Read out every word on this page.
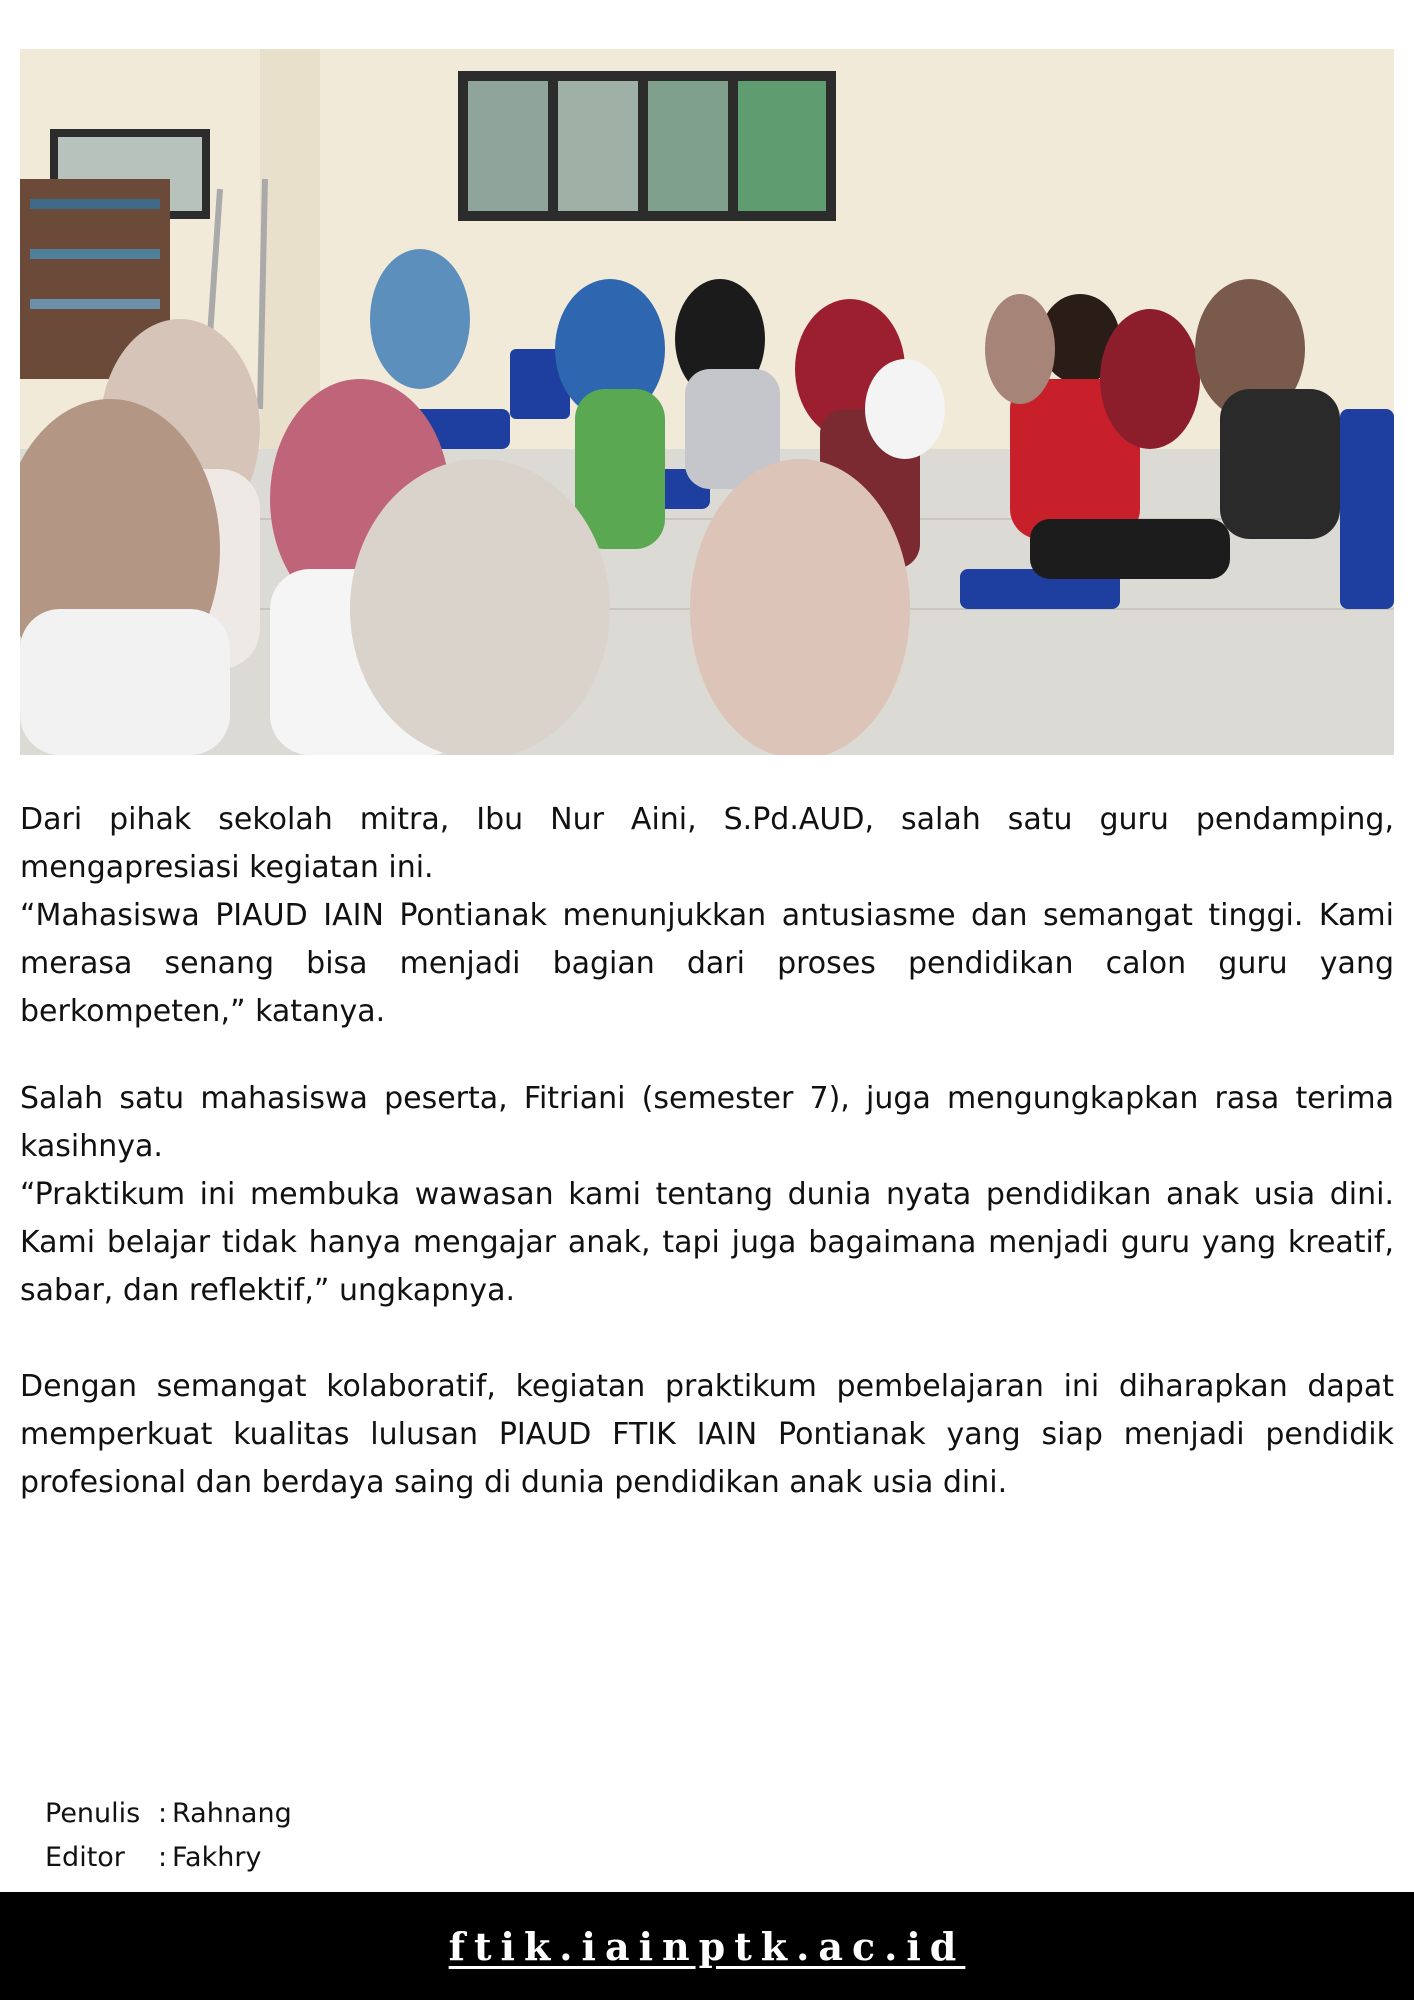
Dari pihak sekolah mitra, Ibu Nur Aini, S.Pd.AUD, salah satu guru pendamping, mengapresiasi kegiatan ini.

“Mahasiswa PIAUD IAIN Pontianak menunjukkan antusiasme dan semangat tinggi. Kami merasa senang bisa menjadi bagian dari proses pendidikan calon guru yang berkompeten,” katanya.

Salah satu mahasiswa peserta, Fitriani (semester 7), juga mengungkapkan rasa terima kasihnya.

“Praktikum ini membuka wawasan kami tentang dunia nyata pendidikan anak usia dini. Kami belajar tidak hanya mengajar anak, tapi juga bagaimana menjadi guru yang kreatif, sabar, dan reflektif,” ungkapnya.

Dengan semangat kolaboratif, kegiatan praktikum pembelajaran ini diharapkan dapat memperkuat kualitas lulusan PIAUD FTIK IAIN Pontianak yang siap menjadi pendidik profesional dan berdaya saing di dunia pendidikan anak usia dini.

Penulis : Rahnang
Editor	: Fakhry
ftik.iainptk.ac.id
